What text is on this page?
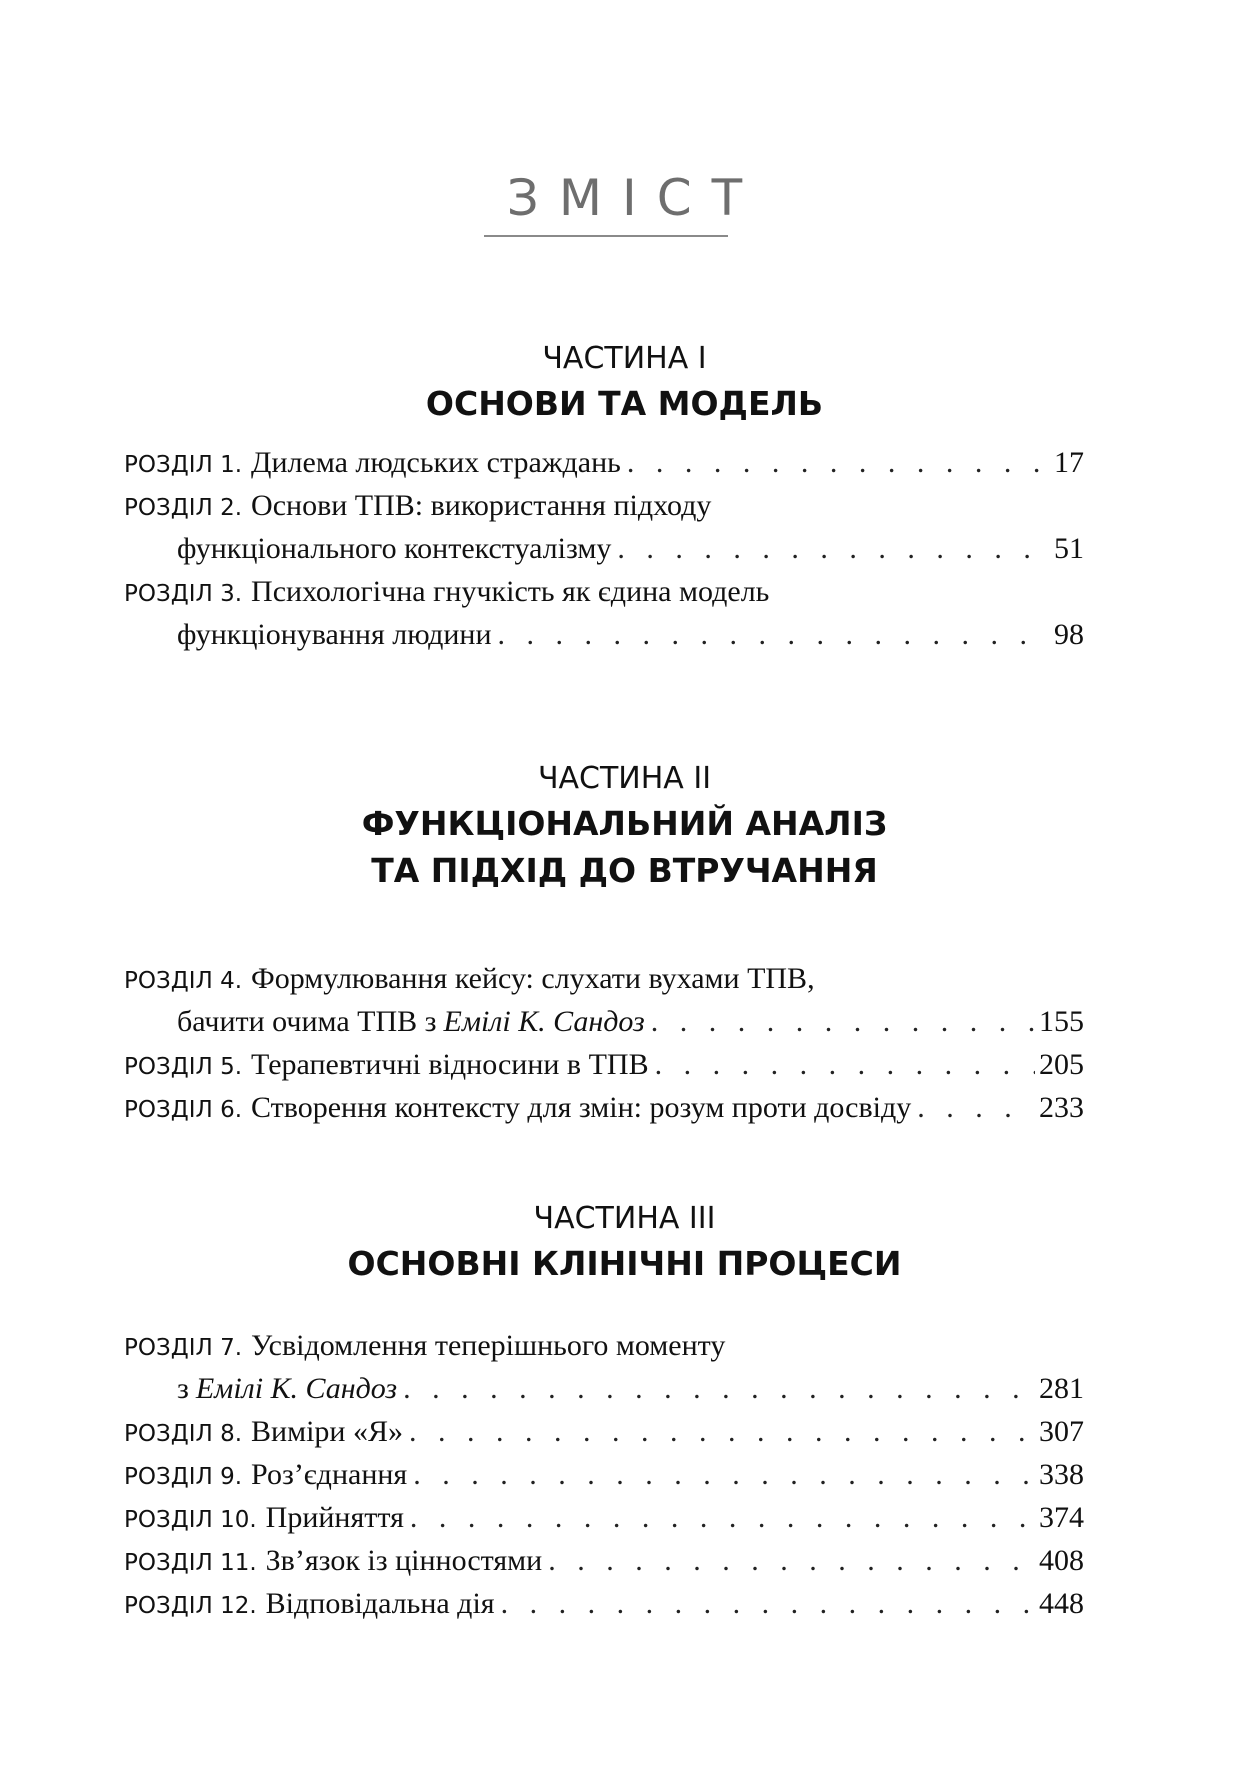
ЗМІСТ
ЧАСТИНА I
ОСНОВИ ТА МОДЕЛЬ
РОЗДІЛ 1. Дилема людських страждань . . .	17
РОЗДІЛ 2. Основи ТПВ: використання підходу
функціонального контекстуалізму . . .	51
РОЗДІЛ 3. Психологічна гнучкість як єдина модель
функціонування людини . . .	98
ЧАСТИНА II
ФУНКЦІОНАЛЬНИЙ АНАЛІЗ
ТА ПІДХІД ДО ВТРУЧАННЯ
РОЗДІЛ 4. Формулювання кейсу: слухати вухами ТПВ,
бачити очима ТПВ з Емілі К. Сандоз . . .	155
РОЗДІЛ 5. Терапевтичні відносини в ТПВ . . .	205
РОЗДІЛ 6. Створення контексту для змін: розум проти досвіду . . .	233
ЧАСТИНА III
ОСНОВНІ КЛІНІЧНІ ПРОЦЕСИ
РОЗДІЛ 7. Усвідомлення теперішнього моменту
з Емілі К. Сандоз . . .	281
РОЗДІЛ 8. Виміри «Я» . . .	307
РОЗДІЛ 9. Роз’єднання . . .	338
РОЗДІЛ 10. Прийняття . . .	374
РОЗДІЛ 11. Зв’язок із цінностями . . .	408
РОЗДІЛ 12. Відповідальна дія . . .	448
